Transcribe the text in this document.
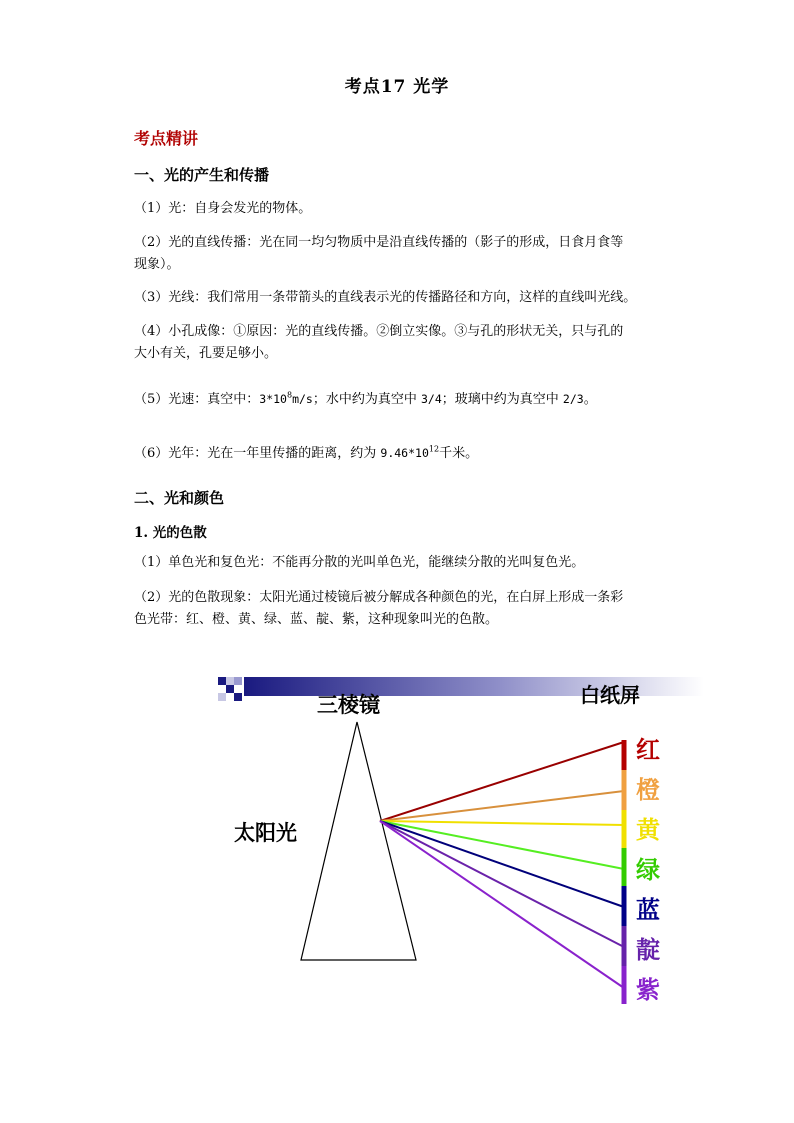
考点17 光学
考点精讲
一、光的产生和传播
（1）光：自身会发光的物体。
（2）光的直线传播：光在同一均匀物质中是沿直线传播的（影子的形成，日食月食等
现象）。
（3）光线：我们常用一条带箭头的直线表示光的传播路径和方向，这样的直线叫光线。
（4）小孔成像：①原因：光的直线传播。②倒立实像。③与孔的形状无关，只与孔的
大小有关，孔要足够小。
（5）光速：真空中：$3*10^8m/s$；水中约为真空中 3/4；玻璃中约为真空中 2/3。
（6）光年：光在一年里传播的距离，约为 $9.46*10^{12}$千米。
二、光和颜色
1. 光的色散
（1）单色光和复色光：不能再分散的光叫单色光，能继续分散的光叫复色光。
（2）光的色散现象：太阳光通过棱镜后被分解成各种颜色的光，在白屏上形成一条彩
色光带：红、橙、黄、绿、蓝、靛、紫，这种现象叫光的色散。
三棱镜	白纸屏
太阳光
红
橙
黄
绿
蓝
靛
紫
